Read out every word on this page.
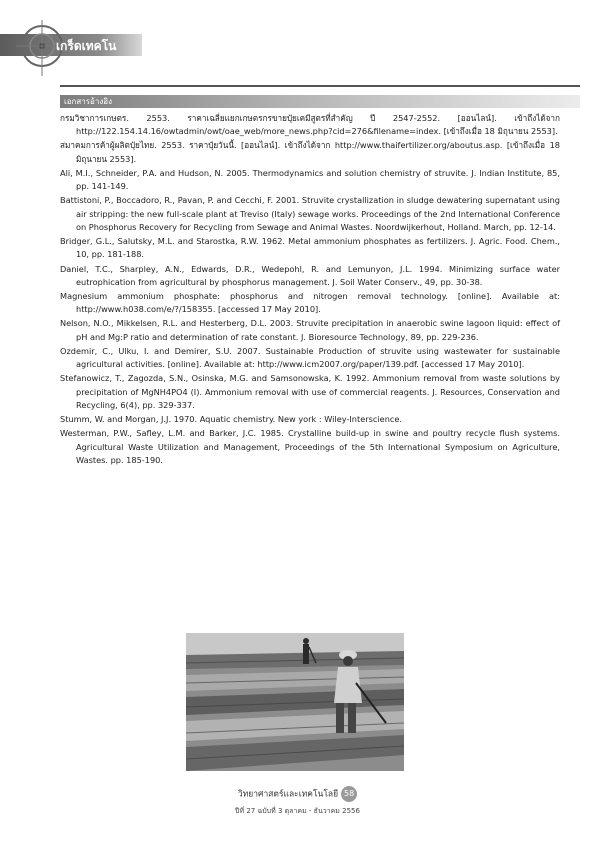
เกร็ดเทคโน
เอกสารอ้างอิง
กรมวิชาการเกษตร. 2553. ราคาเฉลี่ยแยกเกษตรกรขายปุ๋ยเคมีสูตรที่สำคัญ ปี 2547-2552. [ออนไลน์]. เข้าถึงได้จาก http://122.154.14.16/owtadmin/owt/oae_web/more_news.php?cid=276&filename=index. [เข้าถึงเมื่อ 18 มิถุนายน 2553].
สมาคมการค้าผู้ผลิตปุ๋ยไทย. 2553. ราคาปุ๋ยวันนี้. [ออนไลน์]. เข้าถึงได้จาก http://www.thaifertilizer.org/aboutus.asp. [เข้าถึงเมื่อ 18 มิถุนายน 2553].
Ali, M.I., Schneider, P.A. and Hudson, N. 2005. Thermodynamics and solution chemistry of struvite. J. Indian Institute, 85, pp. 141-149.
Battistoni, P., Boccadoro, R., Pavan, P. and Cecchi, F. 2001. Struvite crystallization in sludge dewatering supernatant using air stripping: the new full-scale plant at Treviso (Italy) sewage works. Proceedings of the 2nd International Conference on Phosphorus Recovery for Recycling from Sewage and Animal Wastes. Noordwijkerhout, Holland. March, pp. 12-14.
Bridger, G.L., Salutsky, M.L. and Starostka, R.W. 1962. Metal ammonium phosphates as fertilizers. J. Agric. Food. Chem., 10, pp. 181-188.
Daniel, T.C., Sharpley, A.N., Edwards, D.R., Wedepohl, R. and Lemunyon, J.L. 1994. Minimizing surface water eutrophication from agricultural by phosphorus management. J. Soil Water Conserv., 49, pp. 30-38.
Magnesium ammonium phosphate: phosphorus and nitrogen removal technology. [online]. Available at: http://www.h038.com/e/?/158355. [accessed 17 May 2010].
Nelson, N.O., Mikkelsen, R.L. and Hesterberg, D.L. 2003. Struvite precipitation in anaerobic swine lagoon liquid: effect of pH and Mg:P ratio and determination of rate constant. J. Bioresource Technology, 89, pp. 229-236.
Ozdemir, C., Ulku, I. and Demirer, S.U. 2007. Sustainable Production of struvite using wastewater for sustainable agricultural activities. [online]. Available at: http://www.icm2007.org/paper/139.pdf. [accessed 17 May 2010].
Stefanowicz, T., Zagozda, S.N., Osinska, M.G. and Samsonowska, K. 1992. Ammonium removal from waste solutions by precipitation of MgNH4PO4 (I). Ammonium removal with use of commercial reagents. J. Resources, Conservation and Recycling, 6(4), pp. 329-337.
Stumm, W. and Morgan, J.J. 1970. Aquatic chemistry. New york : Wiley-Interscience.
Westerman, P.W., Safley, L.M. and Barker, J.C. 1985. Crystalline build-up in swine and poultry recycle flush systems. Agricultural Waste Utilization and Management, Proceedings of the 5th International Symposium on Agriculture, Wastes. pp. 185-190.
วิทยาศาสตร์และเทคโนโลยี 58
ปีที่ 27 ฉบับที่ 3 ตุลาคม - ธันวาคม 2556
